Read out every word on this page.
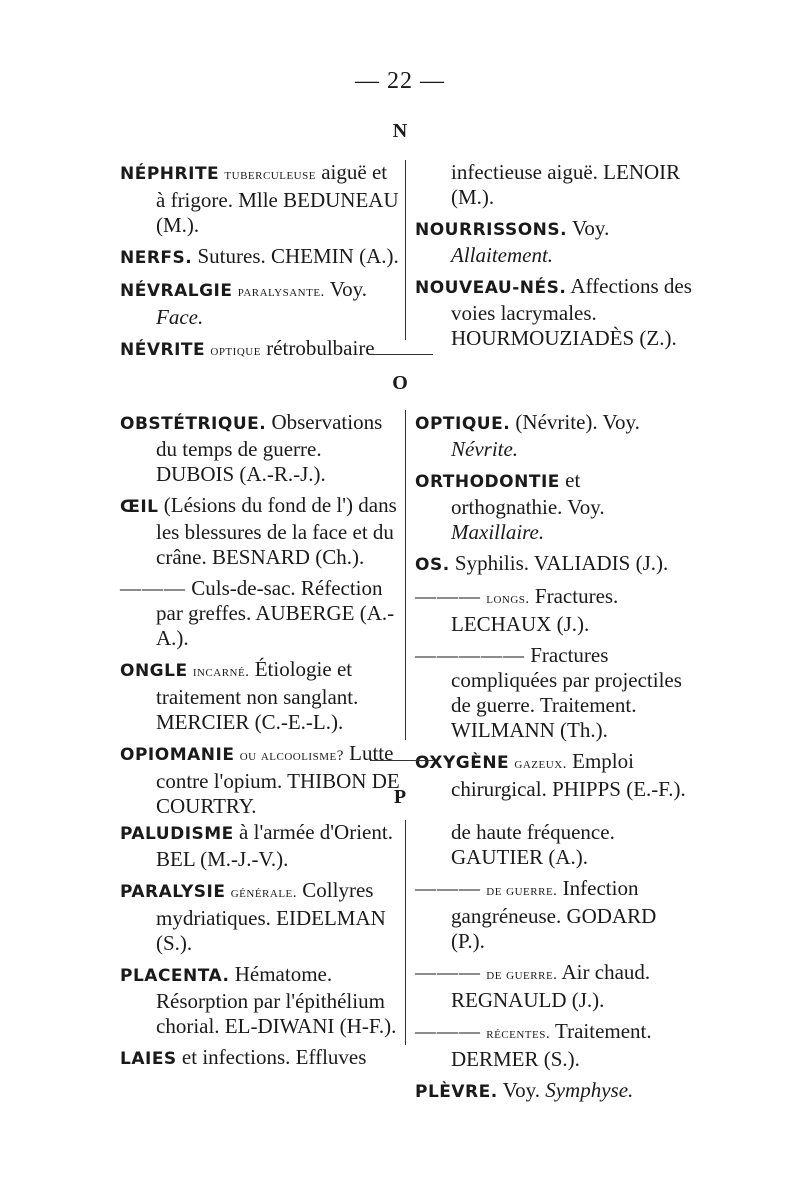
— 22 —
N

NÉPHRITE tuberculeuse aiguë et à frigore. Mlle BEDUNEAU (M.).

NERFS. Sutures. CHEMIN (A.).

NÉVRALGIE paralysante. Voy. Face.

NÉVRITE optique rétrobulbaire

infectieuse aiguë. LENOIR (M.).

NOURRISSONS. Voy. Allaitement.

NOUVEAU-NÉS. Affections des voies lacrymales. HOURMOUZIADÈS (Z.).

O

OBSTÉTRIQUE. Observations du temps de guerre. DUBOIS (A.-R.-J.).

ŒIL (Lésions du fond de l') dans les blessures de la face et du crâne. BESNARD (Ch.).

——— Culs-de-sac. Réfection par greffes. AUBERGE (A.-A.).

ONGLE incarné. Étiologie et traitement non sanglant. MERCIER (C.-E.-L.).

OPIOMANIE ou alcoolisme? Lutte contre l'opium. THIBON DE COURTRY.

OPTIQUE. (Névrite). Voy. Névrite.

ORTHODONTIE et orthognathie. Voy. Maxillaire.

OS. Syphilis. VALIADIS (J.).

——— longs. Fractures. LECHAUX (J.).

————— Fractures compliquées par projectiles de guerre. Traitement. WILMANN (Th.).

OXYGÈNE gazeux. Emploi chirurgical. PHIPPS (E.-F.).

P

PALUDISME à l'armée d'Orient. BEL (M.-J.-V.).

PARALYSIE générale. Collyres mydriatiques. EIDELMAN (S.).

PLACENTA. Hématome. Résorption par l'épithélium chorial. EL-DIWANI (H-F.).

LAIES et infections. Effluves

de haute fréquence. GAUTIER (A.).

——— de guerre. Infection gangréneuse. GODARD (P.).

——— de guerre. Air chaud. REGNAULD (J.).

——— récentes. Traitement. DERMER (S.).

PLÈVRE. Voy. Symphyse.
